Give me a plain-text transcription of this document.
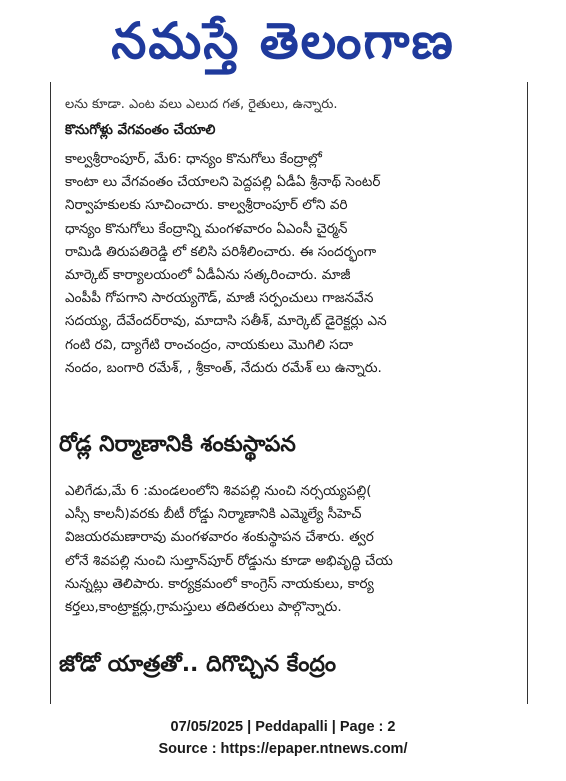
నమస్తే తెలంగాణ
లను కూడా. ఎంట వలు ఎలుద గత, రైతులు, ఉన్నారు.
కొనుగోళ్లు వేగవంతం చేయాలి

కాల్వశ్రీరాంపూర్, మే6: ధాన్యం కొనుగోలు కేంద్రాల్లో
కాంటా లు వేగవంతం చేయాలని పెద్దపల్లి ఏడీఏ శ్రీనాథ్ సెంటర్
నిర్వాహకులకు సూచించారు. కాల్వశ్రీరాంపూర్ లోని వరి
ధాన్యం కొనుగోలు కేంద్రాన్ని మంగళవారం ఏఎంసీ చైర్మన్
రామిడి తిరుపతిరెడ్డి లో కలిసి పరిశీలించారు. ఈ సందర్భంగా
మార్కెట్ కార్యాలయంలో ఏడీఏను సత్కరించారు. మాజీ
ఎంపీపీ గోపగాని సారయ్యగౌడ్, మాజీ సర్పంచులు గాజనవేన
సదయ్య, దేవేందర్‌రావు, మాదాసి సతీశ్, మార్కెట్ డైరెక్టర్లు ఎన
గంటి రవి, ద్యాగేటి రాంచంద్రం, నాయకులు మొగిలి సదా
నందం, బంగారి రమేశ్, , శ్రీకాంత్, నేదురు రమేశ్ లు ఉన్నారు.

రోడ్ల నిర్మాణానికి శంకుస్థాపన

ఎలిగేడు,మే 6 :మండలంలోని శివపల్లి నుంచి నర్సయ్యపల్లి(
ఎస్సీ కాలనీ)వరకు బీటీ రోడ్డు నిర్మాణానికి ఎమ్మెల్యే సీహెచ్
విజయరమణారావు మంగళవారం శంకుస్థాపన చేశారు. త్వర
లోనే శివపల్లి నుంచి సుల్తాన్‌పూర్ రోడ్డును కూడా అభివృద్ధి చేయ
నున్నట్లు తెలిపారు. కార్యక్రమంలో కాంగ్రెస్ నాయకులు, కార్య
కర్తలు,కాంట్రాక్టర్లు,గ్రామస్తులు తదితరులు పాల్గొన్నారు.

జోడో యాత్రతో.. దిగొచ్చిన కేంద్రం
07/05/2025 | Peddapalli | Page : 2
Source : https://epaper.ntnews.com/
